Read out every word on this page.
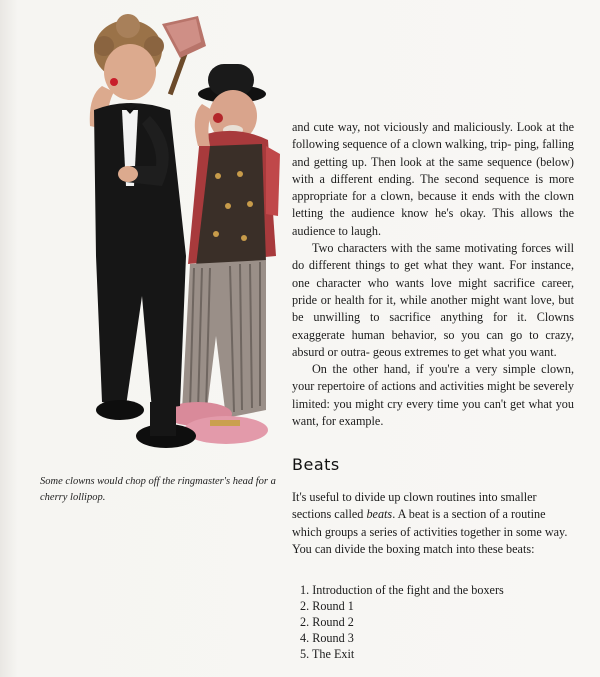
Some clowns would chop off the ringmaster's head for a cherry lollipop.

and cute way, not viciously and maliciously. Look at the following sequence of a clown walking, trip- ping, falling and getting up. Then look at the same sequence (below) with a different ending. The second sequence is more appropriate for a clown, because it ends with the clown letting the audience know he's okay. This allows the audience to laugh.

Two characters with the same motivating forces will do different things to get what they want. For instance, one character who wants love might sacrifice career, pride or health for it, while another might want love, but be unwilling to sacrifice anything for it. Clowns exaggerate human behavior, so you can go to crazy, absurd or outra- geous extremes to get what you want.

On the other hand, if you're a very simple clown, your repertoire of actions and activities might be severely limited: you might cry every time you can't get what you want, for example.

Beats

It's useful to divide up clown routines into smaller sections called beats. A beat is a section of a routine which groups a series of activities together in some way. You can divide the boxing match into these beats:

1. Introduction of the fight and the boxers
2. Round 1
2. Round 2
4. Round 3
5. The Exit
